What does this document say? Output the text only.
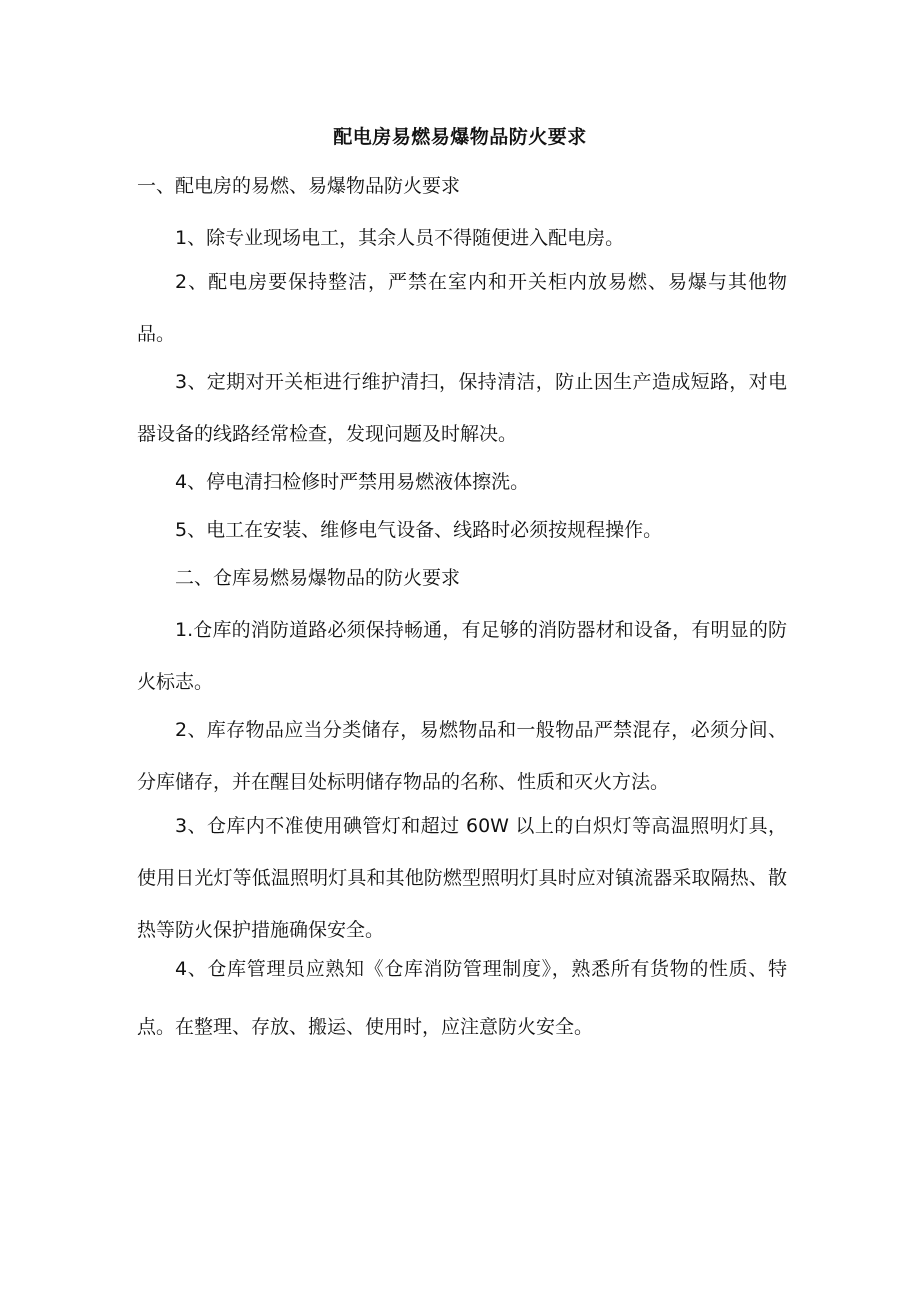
配电房易燃易爆物品防火要求
一、配电房的易燃、易爆物品防火要求
1、除专业现场电工，其余人员不得随便进入配电房。
2、配电房要保持整洁，严禁在室内和开关柜内放易燃、易爆与其他物品。
3、定期对开关柜进行维护清扫，保持清洁，防止因生产造成短路，对电器设备的线路经常检查，发现问题及时解决。
4、停电清扫检修时严禁用易燃液体擦洗。
5、电工在安装、维修电气设备、线路时必须按规程操作。
二、仓库易燃易爆物品的防火要求
1.仓库的消防道路必须保持畅通，有足够的消防器材和设备，有明显的防火标志。
2、库存物品应当分类储存，易燃物品和一般物品严禁混存，必须分间、分库储存，并在醒目处标明储存物品的名称、性质和灭火方法。
3、仓库内不准使用碘管灯和超过 60W 以上的白炽灯等高温照明灯具，使用日光灯等低温照明灯具和其他防燃型照明灯具时应对镇流器采取隔热、散热等防火保护措施确保安全。
4、仓库管理员应熟知《仓库消防管理制度》，熟悉所有货物的性质、特点。在整理、存放、搬运、使用时，应注意防火安全。
